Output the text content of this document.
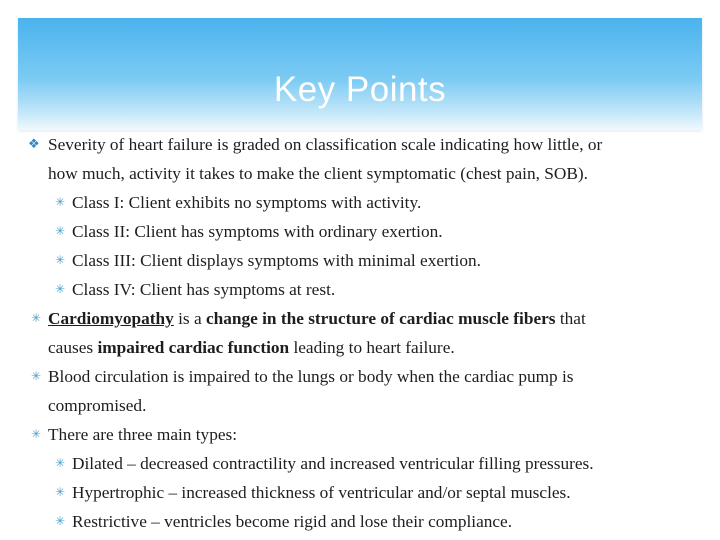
Key Points
❖ Severity of heart failure is graded on classification scale indicating how little, or
how much, activity it takes to make the client symptomatic (chest pain, SOB).
✳ Class I: Client exhibits no symptoms with activity.
✳ Class II: Client has symptoms with ordinary exertion.
✳ Class III: Client displays symptoms with minimal exertion.
✳ Class IV: Client has symptoms at rest.
✳ Cardiomyopathy is a change in the structure of cardiac muscle fibers that
causes impaired cardiac function leading to heart failure.
✳ Blood circulation is impaired to the lungs or body when the cardiac pump is
compromised.
✳ There are three main types:
✳ Dilated – decreased contractility and increased ventricular filling pressures.
✳ Hypertrophic – increased thickness of ventricular and/or septal muscles.
✳ Restrictive – ventricles become rigid and lose their compliance.
